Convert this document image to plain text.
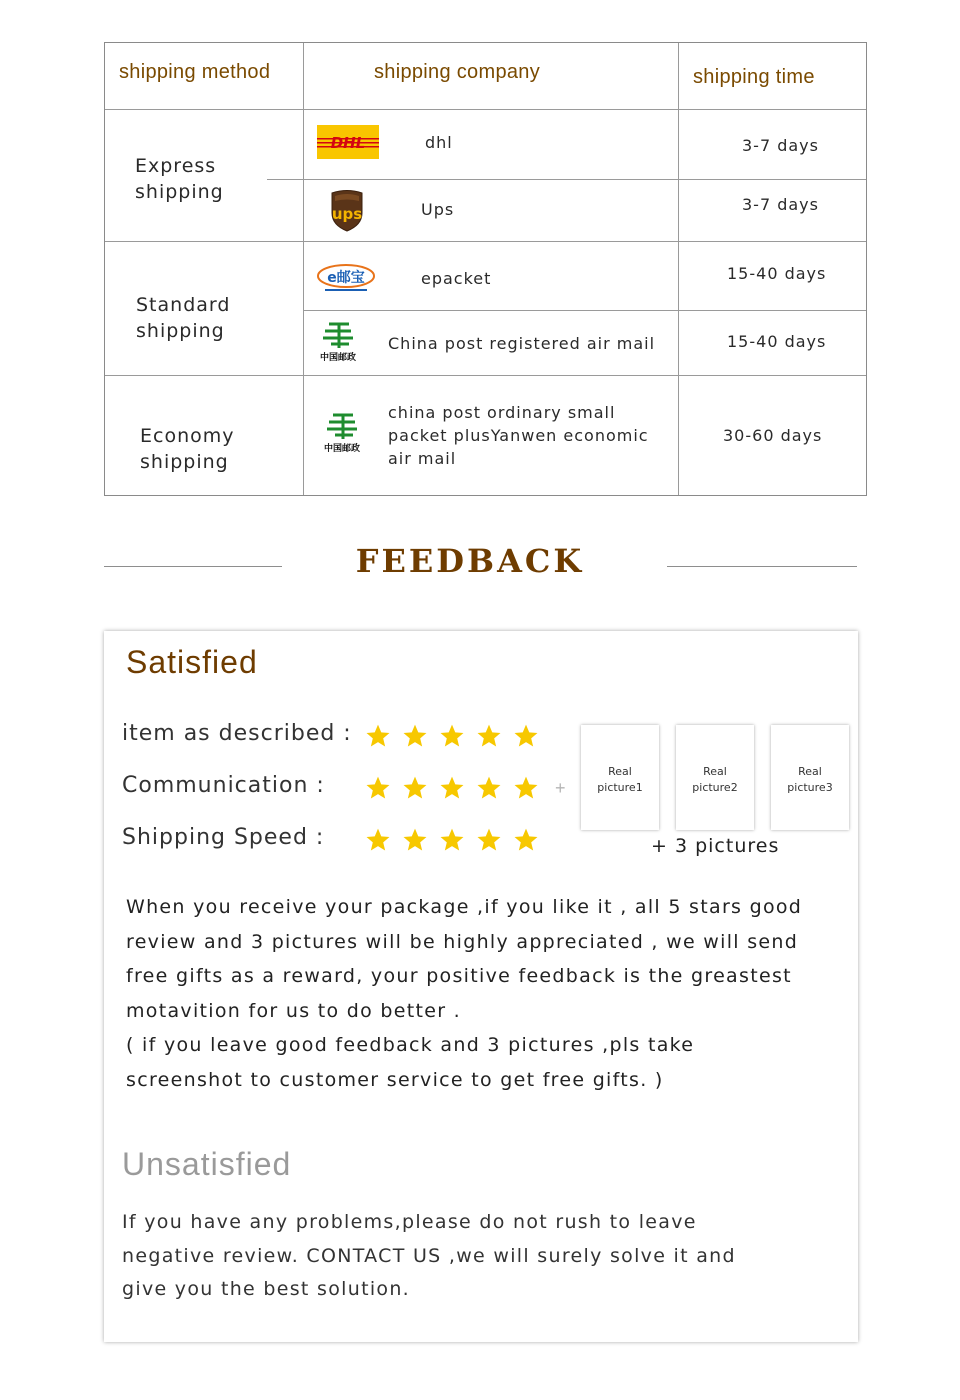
shipping method	shipping company	shipping time
Express
shipping
Standard
shipping
Economy
shipping
DHL
ups
e邮宝
中国邮政
中国邮政
dhl
Ups
epacket
China post registered air mail
china post ordinary small
packet plusYanwen economic
air mail
3-7 days
3-7 days
15-40 days
15-40 days
30-60 days
FEEDBACK
Satisfied
item as described :
Communication :
Shipping Speed :
+
Real
picture1
Real
picture2
Real
picture3
+ 3 pictures
When you receive your package ,if you like it , all 5 stars good
review and 3 pictures will be highly appreciated , we will send
free gifts as a reward, your positive feedback is the greastest
motavition for us to do better .
( if you leave good feedback and 3 pictures ,pls take
screenshot to customer service to get free gifts. )
Unsatisfied
If you have any problems,please do not rush to leave
negative review. CONTACT US ,we will surely solve it and
give you the best solution.
